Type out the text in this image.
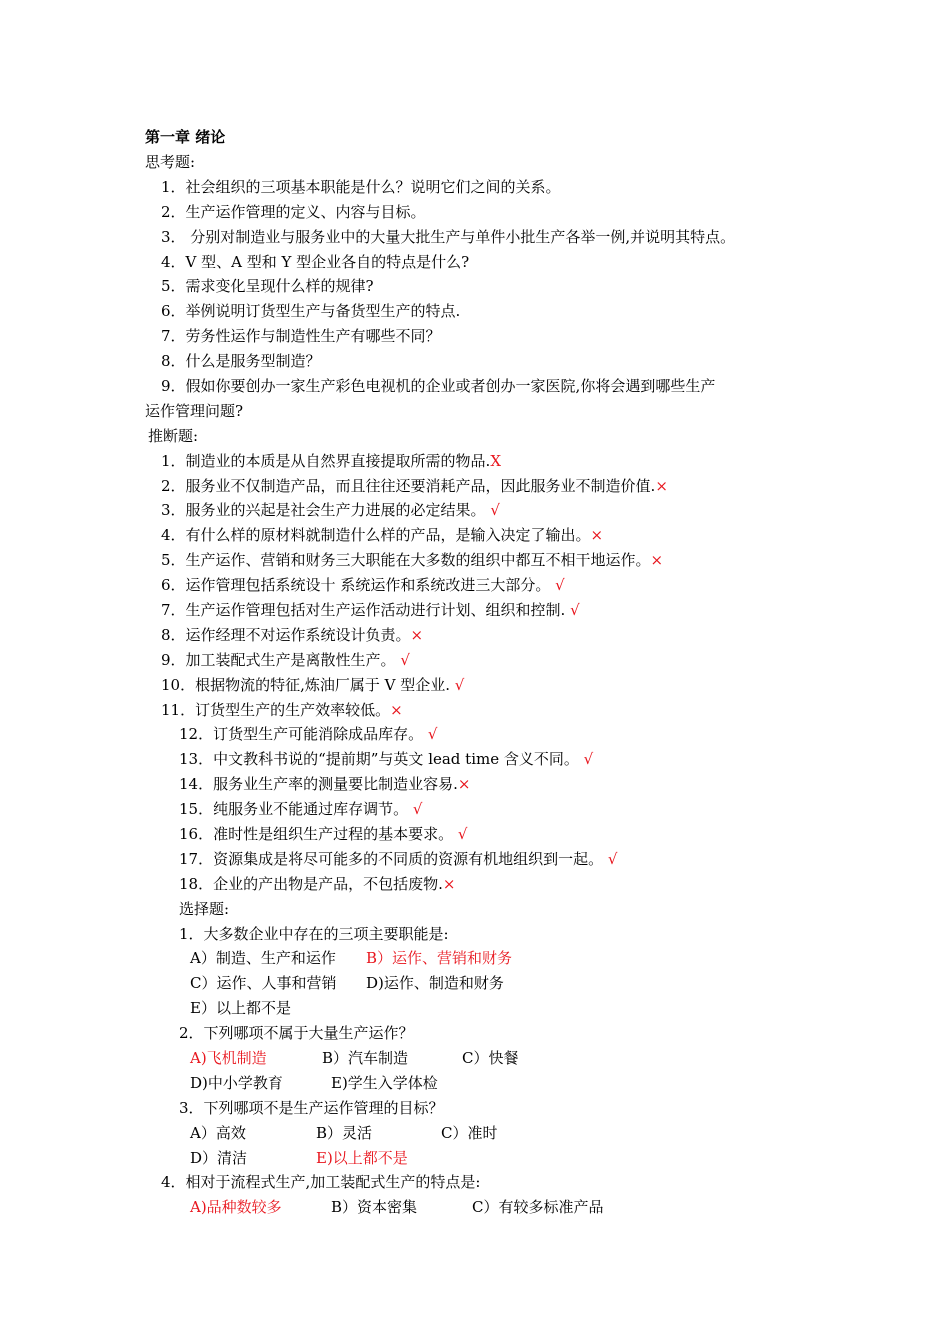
第一章 绪论
思考题:
1．社会组织的三项基本职能是什么？说明它们之间的关系。
2．生产运作管理的定义、内容与目标。
3． 分别对制造业与服务业中的大量大批生产与单件小批生产各举一例,并说明其特点。
4．V 型、A 型和 Y 型企业各自的特点是什么?
5．需求变化呈现什么样的规律?
6．举例说明订货型生产与备货型生产的特点.
7．劳务性运作与制造性生产有哪些不同？
8．什么是服务型制造？
9．假如你要创办一家生产彩色电视机的企业或者创办一家医院,你将会遇到哪些生产
运作管理问题?
推断题:
1．制造业的本质是从自然界直接提取所需的物品.X
2．服务业不仅制造产品，而且往往还要消耗产品，因此服务业不制造价值.×
3．服务业的兴起是社会生产力进展的必定结果。 √
4．有什么样的原材料就制造什么样的产品，是输入决定了输出。×
5．生产运作、营销和财务三大职能在大多数的组织中都互不相干地运作。×
6．运作管理包括系统设十 系统运作和系统改进三大部分。 √
7．生产运作管理包括对生产运作活动进行计划、组织和控制. √
8．运作经理不对运作系统设计负责。×
9．加工装配式生产是离散性生产。 √
10．根据物流的特征,炼油厂属于 V 型企业. √
11．订货型生产的生产效率较低。×
12．订货型生产可能消除成品库存。 √
13．中文教科书说的“提前期”与英文 lead time 含义不同。 √
14．服务业生产率的测量要比制造业容易.×
15．纯服务业不能通过库存调节。 √
16．准时性是组织生产过程的基本要求。 √
17．资源集成是将尽可能多的不同质的资源有机地组织到一起。 √
18．企业的产出物是产品，不包括废物.×
选择题:
1．大多数企业中存在的三项主要职能是:
A）制造、生产和运作 B）运作、营销和财务
C）运作、人事和营销 D)运作、制造和财务
E）以上都不是
2．下列哪项不属于大量生产运作？
A)飞机制造	B）汽车制造	C）快餐
D)中小学教育	E)学生入学体检
3．下列哪项不是生产运作管理的目标？
A）高效	B）灵活	C）准时
D）清洁	E)以上都不是
4．相对于流程式生产,加工装配式生产的特点是:
A)品种数较多	B）资本密集	C）有较多标准产品
